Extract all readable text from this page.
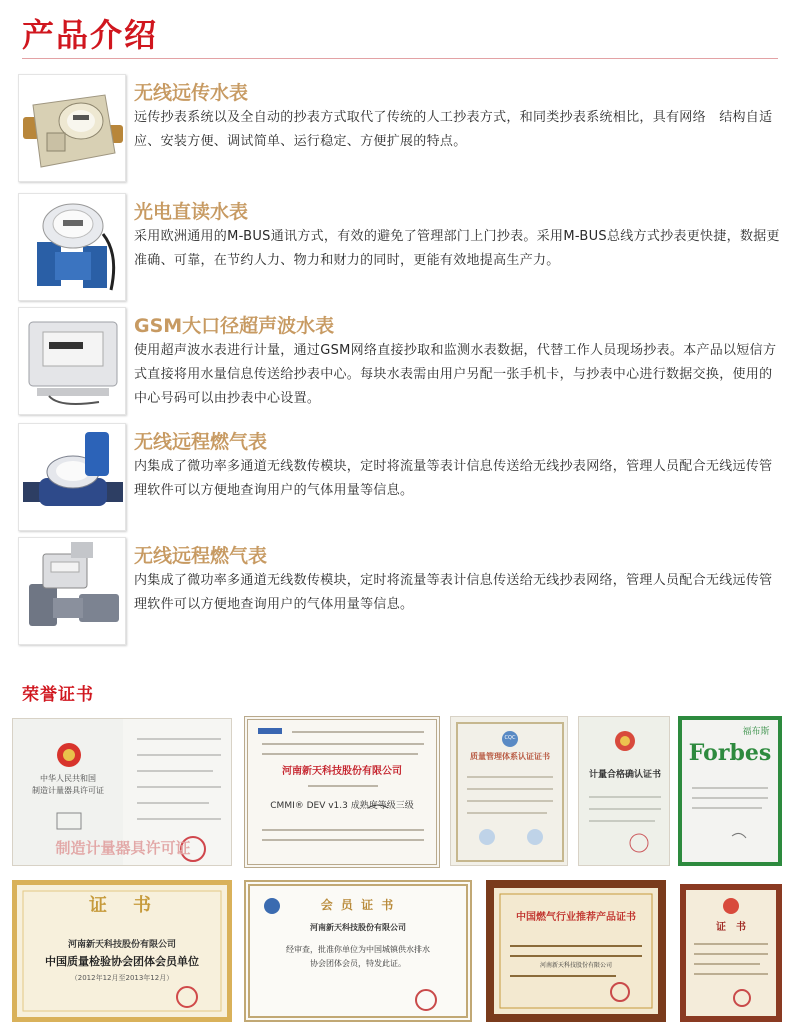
产品介绍
无线远传水表
远传抄表系统以及全自动的抄表方式取代了传统的人工抄表方式，和同类抄表系统相比，具有网络　结构自适应、安装方便、调试简单、运行稳定、方便扩展的特点。
光电直读水表
采用欧洲通用的M-BUS通讯方式，有效的避免了管理部门上门抄表。采用M-BUS总线方式抄表更快捷，数据更准确、可靠，在节约人力、物力和财力的同时，更能有效地提高生产力。
GSM大口径超声波水表
使用超声波水表进行计量，通过GSM网络直接抄取和监测水表数据，代替工作人员现场抄表。本产品以短信方式直接将用水量信息传送给抄表中心。每块水表需由用户另配一张手机卡，与抄表中心进行数据交换，使用的中心号码可以由抄表中心设置。
无线远程燃气表
内集成了微功率多通道无线数传模块，定时将流量等表计信息传送给无线抄表网络，管理人员配合无线远传管理软件可以方便地查询用户的气体用量等信息。
无线远程燃气表
内集成了微功率多通道无线数传模块，定时将流量等表计信息传送给无线抄表网络，管理人员配合无线远传管理软件可以方便地查询用户的气体用量等信息。
荣誉证书
中华人民共和国
制造计量器具许可证
制造计量器具许可证
河南新天科技股份有限公司
CMMI® DEV v1.3 成熟度等级三级
质量管理体系认证证书
CQC
计量合格确认证书
Forbes
福布斯
证　书
河南新天科技股份有限公司
中国质量检验协会团体会员单位
（2012年12月至2013年12月）
会 员 证 书
河南新天科技股份有限公司
经审查，批准你单位为中国城镇供水排水
协会团体会员，特发此证。
中国燃气行业推荐产品证书
河南新天科技股份有限公司
证　书
